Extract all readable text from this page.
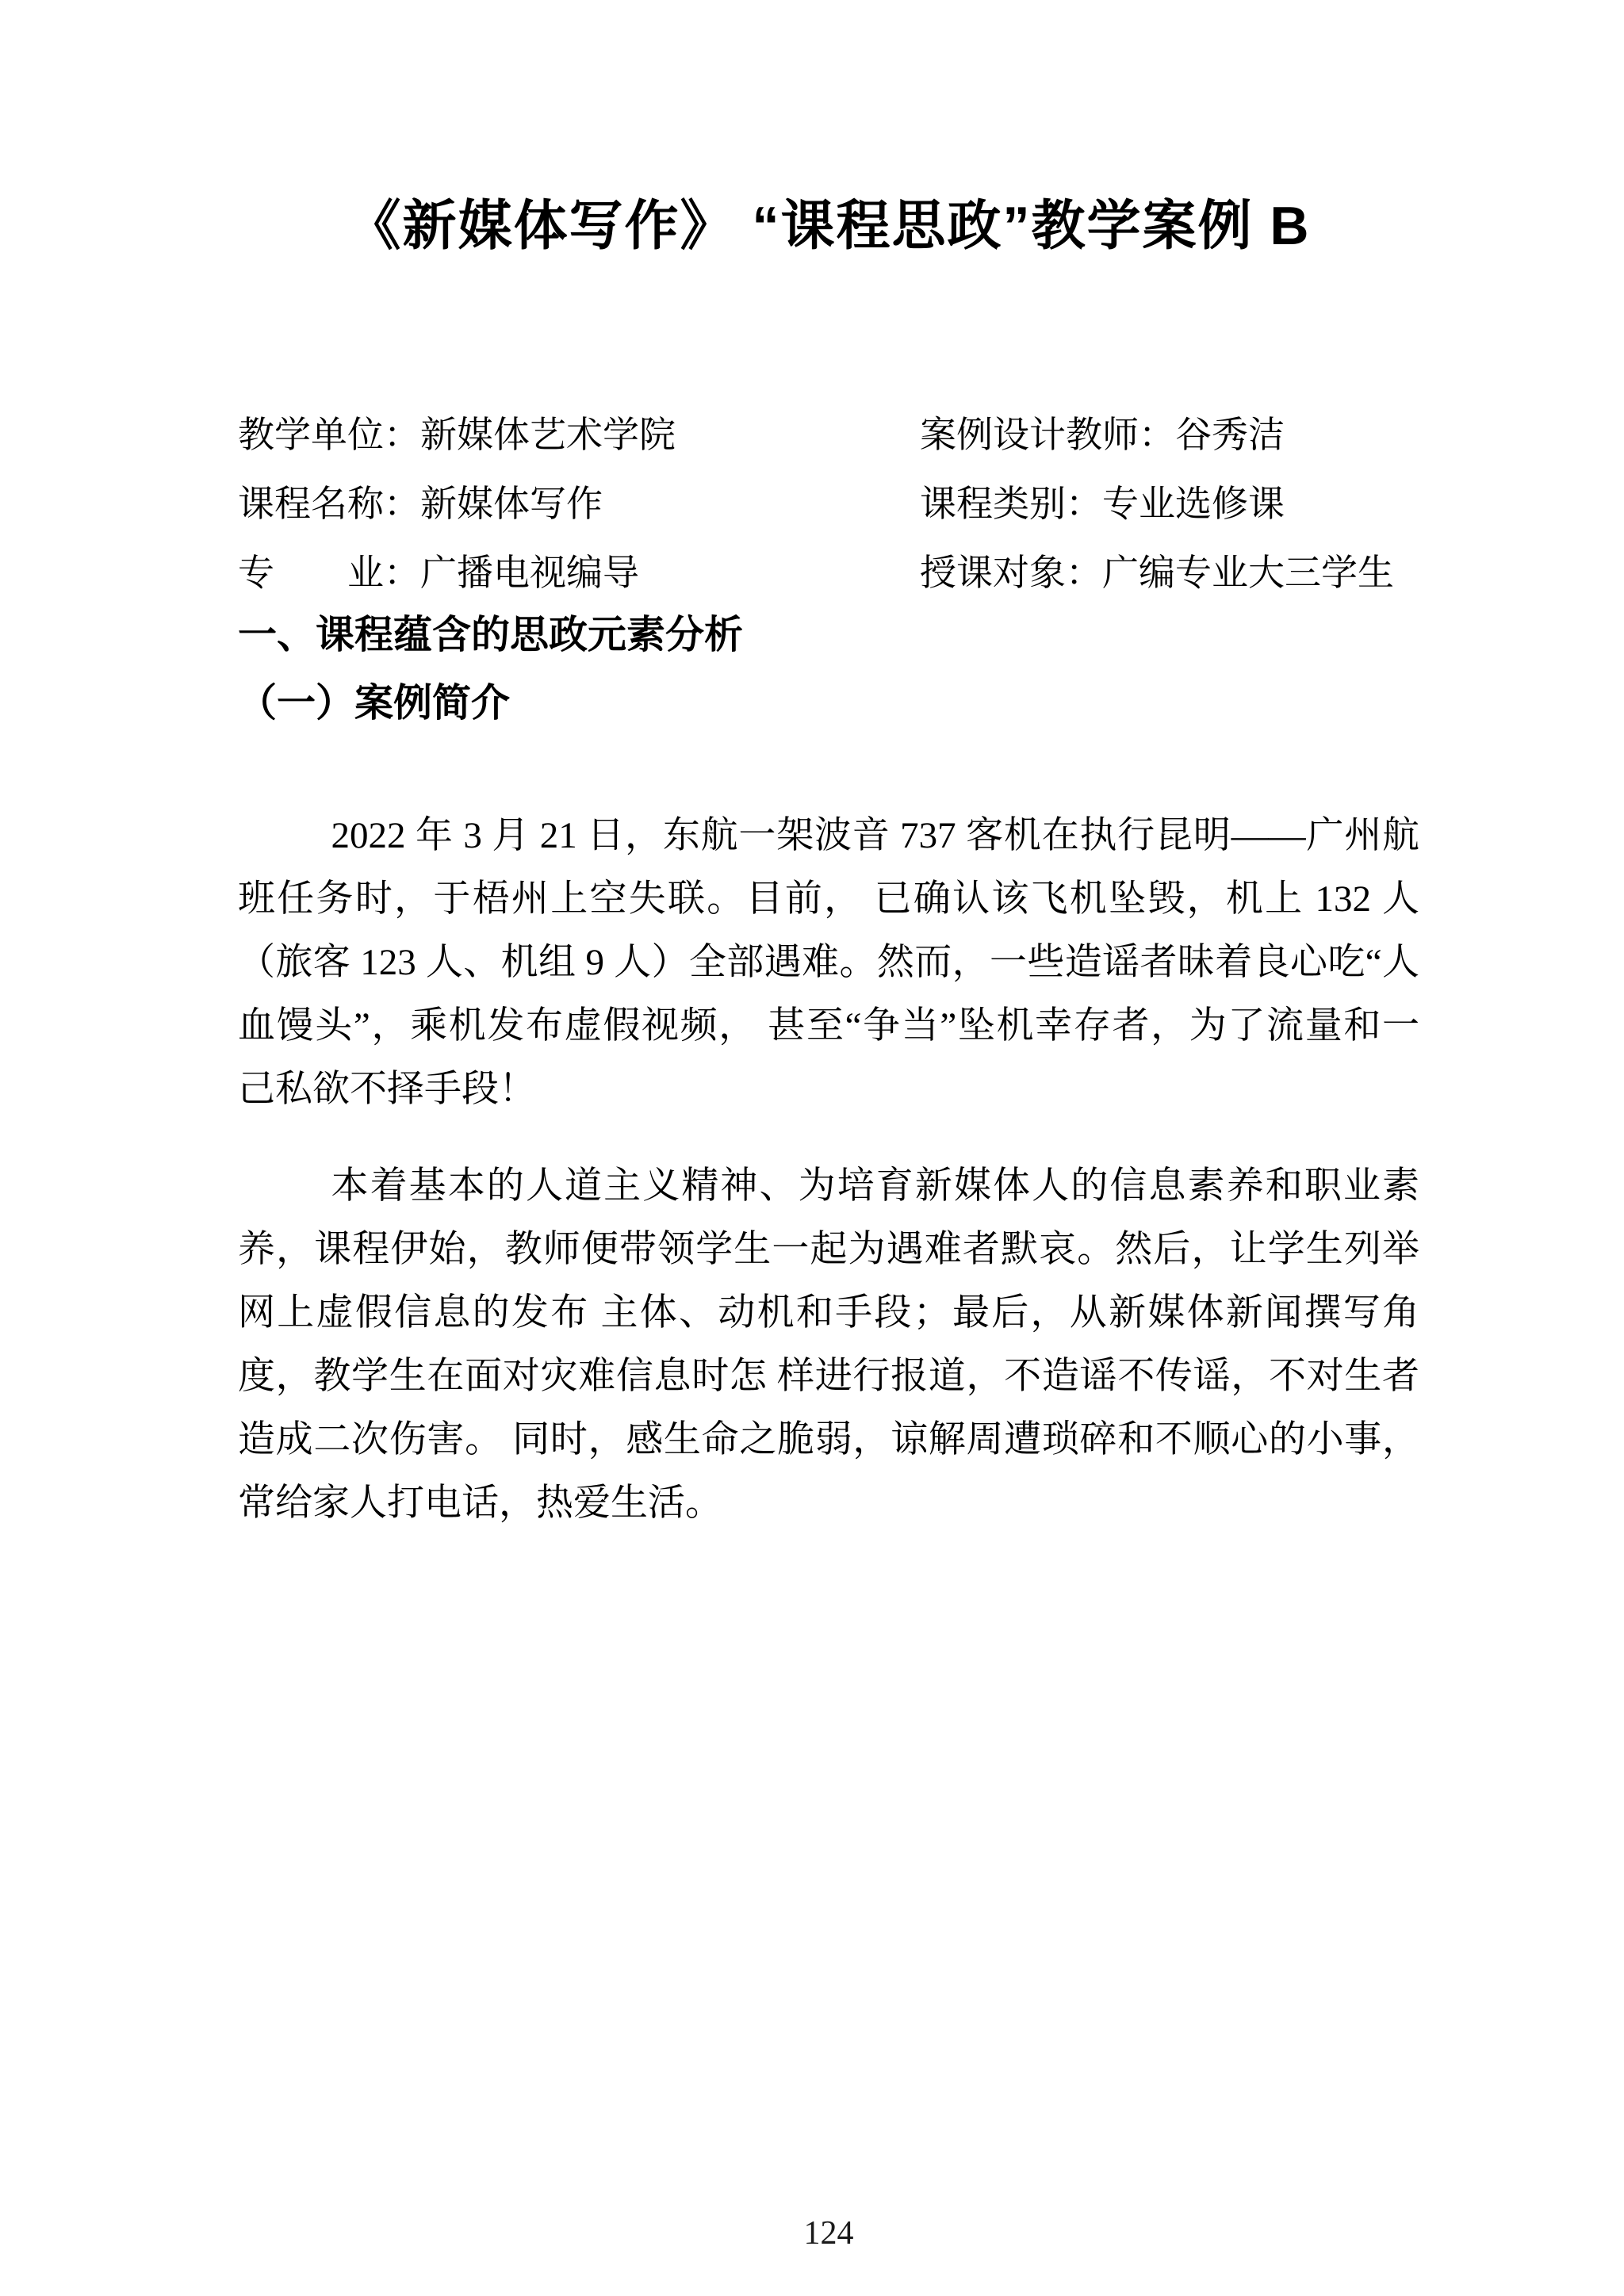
《新媒体写作》 “课程思政”教学案例 B
教学单位：新媒体艺术学院	案例设计教师：谷秀洁
课程名称：新媒体写作	课程类别：专业选修课
专业：广播电视编导	授课对象：广编专业大三学生
一、课程蕴含的思政元素分析
（一）案例简介

2022 年 3 月 21 日，东航一架波音 737 客机在执行昆明——广州航班任务时，于梧州上空失联。目前， 已确认该飞机坠毁，机上 132 人（旅客 123 人、机组 9 人）全部遇难。然而，一些造谣者昧着良心吃“人血馒头”，乘机发布虚假视频， 甚至“争当”坠机幸存者，为了流量和一 己私欲不择手段！

本着基本的人道主义精神、为培育新媒体人的信息素养和职业素养，课程伊始，教师便带领学生一起为遇难者默哀。然后，让学生列举网上虚假信息的发布 主体、动机和手段；最后，从新媒体新闻撰写角度，教学生在面对灾难信息时怎 样进行报道，不造谣不传谣，不对生者造成二次伤害。 同时，感生命之脆弱，谅解周遭琐碎和不顺心的小事，常给家人打电话，热爱生活。

124
